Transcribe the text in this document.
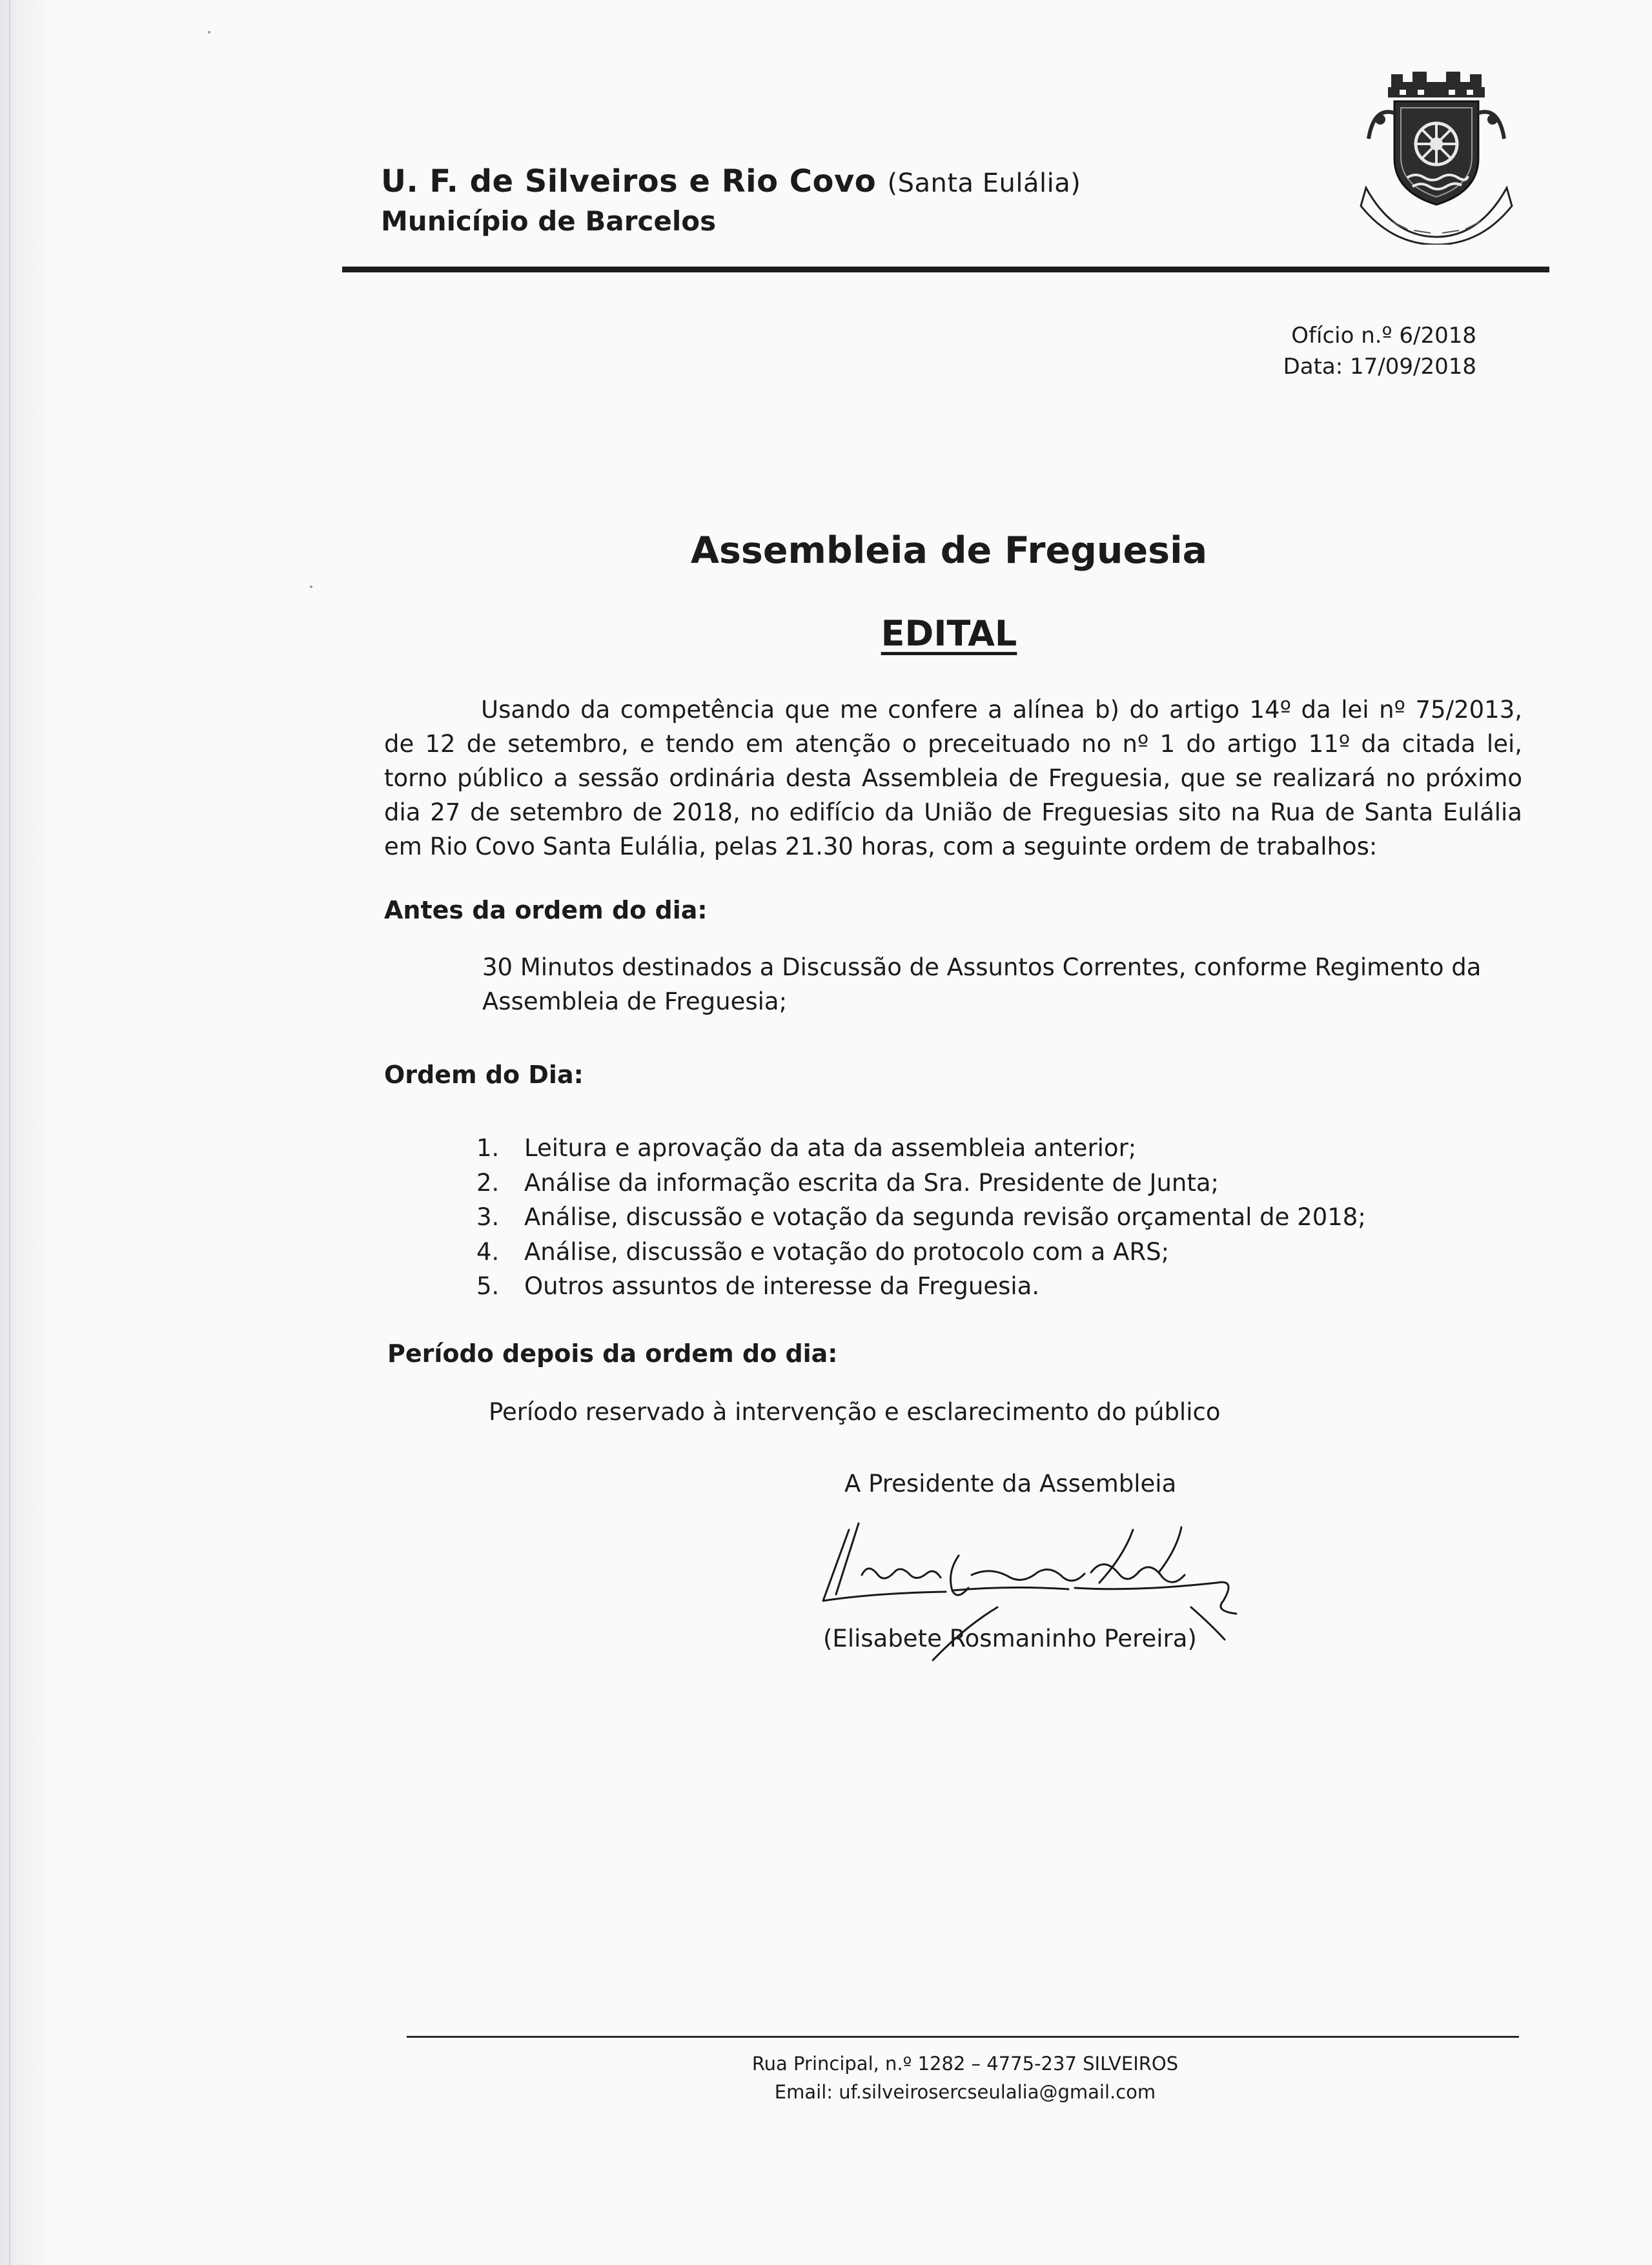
U. F. de Silveiros e Rio Covo (Santa Eulália)
Município de Barcelos
Ofício n.º 6/2018
Data: 17/09/2018
Assembleia de Freguesia
EDITAL

Usando da competência que me confere a alínea b) do artigo 14º da lei nº 75/2013, de 12 de setembro, e tendo em atenção o preceituado no nº 1 do artigo 11º da citada lei, torno público a sessão ordinária desta Assembleia de Freguesia, que se realizará no próximo dia 27 de setembro de 2018, no edifício da União de Freguesias sito na Rua de Santa Eulália em Rio Covo Santa Eulália, pelas 21.30 horas, com a seguinte ordem de trabalhos:

Antes da ordem do dia:

30 Minutos destinados a Discussão de Assuntos Correntes, conforme Regimento da Assembleia de Freguesia;

Ordem do Dia:
1.	Leitura e aprovação da ata da assembleia anterior;
2.	Análise da informação escrita da Sra. Presidente de Junta;
3.	Análise, discussão e votação da segunda revisão orçamental de 2018;
4.	Análise, discussão e votação do protocolo com a ARS;
5.	Outros assuntos de interesse da Freguesia.
Período depois da ordem do dia:
Período reservado à intervenção e esclarecimento do público
A Presidente da Assembleia
(Elisabete Rosmaninho Pereira)
Rua Principal, n.º 1282 – 4775-237 SILVEIROS
Email: uf.silveirosercseulalia@gmail.com
